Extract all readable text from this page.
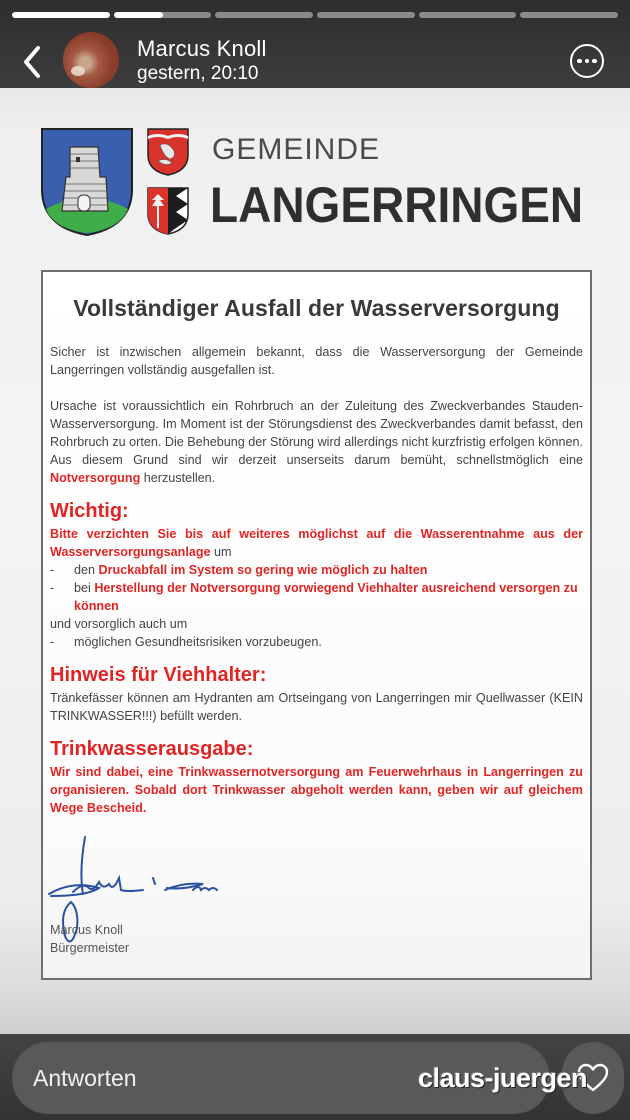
GEMEINDE
LANGERRINGEN
Vollständiger Ausfall der Wasserversorgung
Sicher ist inzwischen allgemein bekannt, dass die Wasserversorgung der Gemeinde Langerringen vollständig ausgefallen ist.
Ursache ist voraussichtlich ein Rohrbruch an der Zuleitung des Zweckverbandes Stauden-Wasserversorgung. Im Moment ist der Störungsdienst des Zweckverbandes damit befasst, den Rohrbruch zu orten. Die Behebung der Störung wird allerdings nicht kurzfristig erfolgen können. Aus diesem Grund sind wir derzeit unserseits darum bemüht, schnellstmöglich eine Notversorgung herzustellen.
Wichtig:
Bitte verzichten Sie bis auf weiteres möglichst auf die Wasserentnahme aus der Wasserversorgungsanlage um
-	den Druckabfall im System so gering wie möglich zu halten
-	bei Herstellung der Notversorgung vorwiegend Viehhalter ausreichend versorgen zu können
und vorsorglich auch um
-	möglichen Gesundheitsrisiken vorzubeugen.
Hinweis für Viehhalter:
Tränkefässer können am Hydranten am Ortseingang von Langerringen mir Quellwasser (KEIN TRINKWASSER!!!) befüllt werden.
Trinkwasserausgabe:
Wir sind dabei, eine Trinkwassernotversorgung am Feuerwehrhaus in Langerringen zu organisieren. Sobald dort Trinkwasser abgeholt werden kann, geben wir auf gleichem Wege Bescheid.
Marcus Knoll
Bürgermeister
Marcus Knoll
gestern, 20:10
Antworten	claus-juergen
